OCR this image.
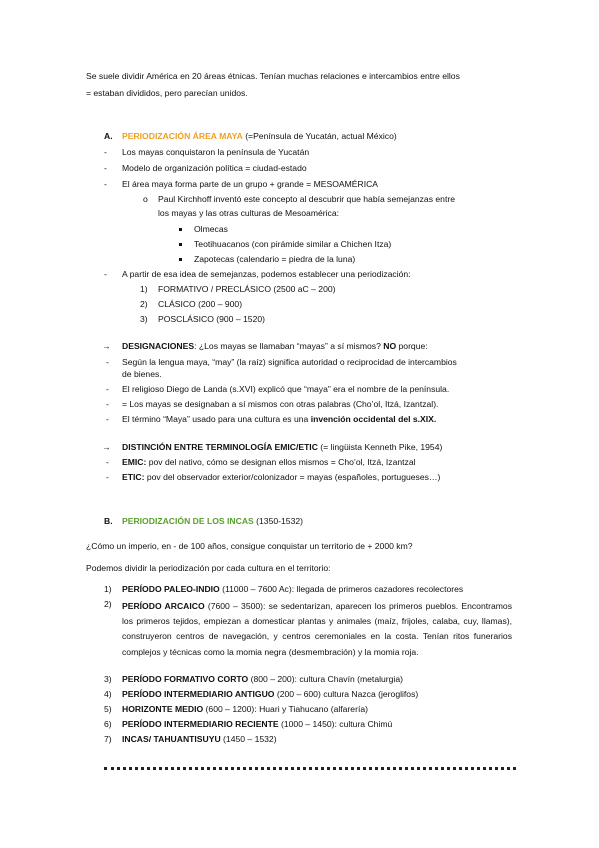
Se suele dividir América en 20 áreas étnicas. Tenían muchas relaciones e intercambios entre ellos
= estaban divididos, pero parecían unidos.
A. PERIODIZACIÓN ÁREA MAYA (=Península de Yucatán, actual México)
- Los mayas conquistaron la península de Yucatán
- Modelo de organización política = ciudad-estado
- El área maya forma parte de un grupo + grande = MESOAMÉRICA
o Paul Kirchhoff inventó este concepto al descubrir que había semejanzas entre
los mayas y las otras culturas de Mesoamérica:
Olmecas
Teotihuacanos (con pirámide similar a Chichen Itza)
Zapotecas (calendario = piedra de la luna)
- A partir de esa idea de semejanzas, podemos establecer una periodización:
1) FORMATIVO / PRECLÁSICO (2500 aC – 200)
2) CLÁSICO (200 – 900)
3) POSCLÁSICO (900 – 1520)
→ DESIGNACIONES: ¿Los mayas se llamaban “mayas” a sí mismos? NO porque:
- Según la lengua maya, “may” (la raíz) significa autoridad o reciprocidad de intercambios
de bienes.
- El religioso Diego de Landa (s.XVI) explicó que “maya” era el nombre de la península.
- = Los mayas se designaban a sí mismos con otras palabras (Cho’ol, Itzá, Izantzal).
- El término “Maya” usado para una cultura es una invención occidental del s.XIX.
→ DISTINCIÓN ENTRE TERMINOLOGÍA EMIC/ETIC (= lingüista Kenneth Pike, 1954)
- EMIC: pov del nativo, cómo se designan ellos mismos = Cho’ol, Itzá, Izantzal
- ETIC: pov del observador exterior/colonizador = mayas (españoles, portugueses…)
B. PERIODIZACIÓN DE LOS INCAS (1350-1532)
¿Cómo un imperio, en - de 100 años, consigue conquistar un territorio de + 2000 km?
Podemos dividir la periodización por cada cultura en el territorio:
1) PERÍODO PALEO-INDIO (11000 – 7600 Ac): llegada de primeros cazadores recolectores
2) PERÍODO ARCAICO (7600 – 3500): se sedentarizan, aparecen los primeros pueblos. Encontramos los primeros tejidos, empiezan a domesticar plantas y animales (maíz, frijoles, calaba, cuy, llamas), construyeron centros de navegación, y centros ceremoniales en la costa. Tenían ritos funerarios complejos y técnicas como la momia negra (desmembración) y la momia roja.
3) PERÍODO FORMATIVO CORTO (800 – 200): cultura Chavín (metalurgia)
4) PERÍODO INTERMEDIARIO ANTIGUO (200 – 600) cultura Nazca (jeroglifos)
5) HORIZONTE MEDIO (600 – 1200): Huari y Tiahucano (alfarería)
6) PERÍODO INTERMEDIARIO RECIENTE (1000 – 1450): cultura Chimú
7) INCAS/ TAHUANTISUYU (1450 – 1532)
